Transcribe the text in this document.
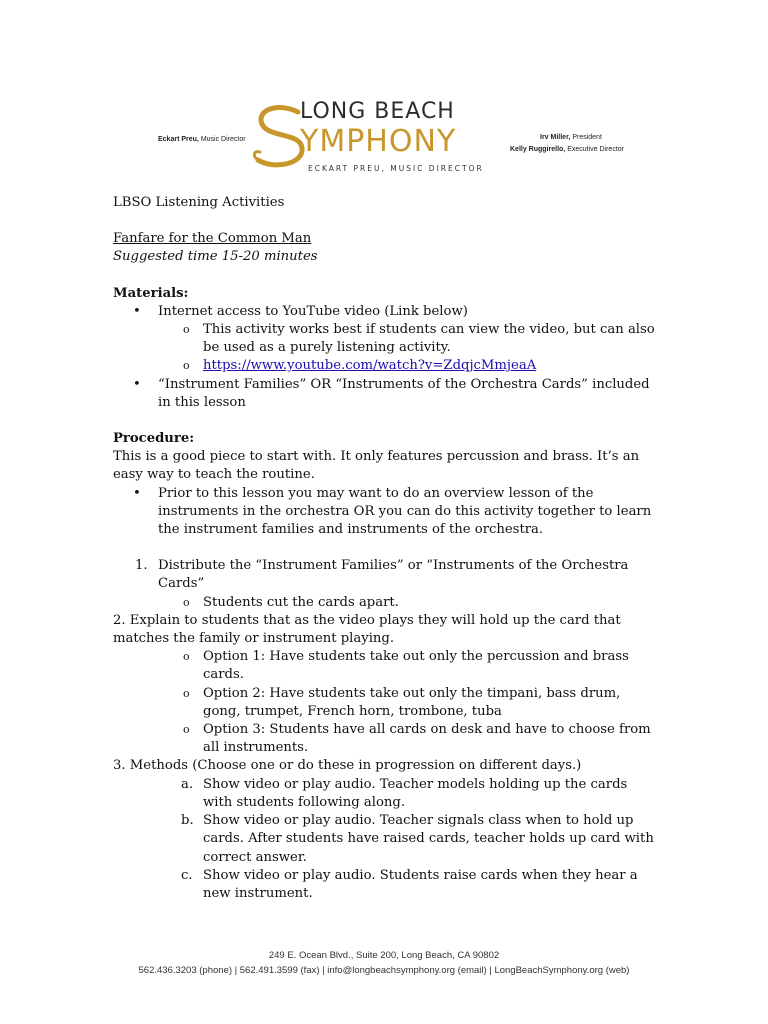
Eckart Preu, Music Director
LONG BEACH
YMPHONY
ECKART PREU, MUSIC DIRECTOR
Irv Miller, President
Kelly Ruggirello, Executive Director

LBSO Listening Activities

Fanfare for the Common Man

Suggested time 15-20 minutes

Materials:

• Internet access to YouTube video (Link below)
o This activity works best if students can view the video, but can also be used as a purely listening activity.
o https://www.youtube.com/watch?v=ZdqjcMmjeaA
• “Instrument Families” OR “Instruments of the Orchestra Cards” included in this lesson

Procedure:

This is a good piece to start with. It only features percussion and brass. It’s an easy way to teach the routine.

• Prior to this lesson you may want to do an overview lesson of the instruments in the orchestra OR you can do this activity together to learn the instrument families and instruments of the orchestra.
1. Distribute the “Instrument Families” or “Instruments of the Orchestra Cards”
o Students cut the cards apart.

2. Explain to students that as the video plays they will hold up the card that matches the family or instrument playing.

o Option 1: Have students take out only the percussion and brass cards.
o Option 2: Have students take out only the timpani, bass drum, gong, trumpet, French horn, trombone, tuba
o Option 3: Students have all cards on desk and have to choose from all instruments.

3. Methods (Choose one or do these in progression on different days.)

a. Show video or play audio. Teacher models holding up the cards with students following along.
b. Show video or play audio. Teacher signals class when to hold up cards. After students have raised cards, teacher holds up card with correct answer.
c. Show video or play audio. Students raise cards when they hear a new instrument.
249 E. Ocean Blvd., Suite 200, Long Beach, CA 90802
562.436.3203 (phone) | 562.491.3599 (fax) | info@longbeachsymphony.org (email) | LongBeachSymphony.org (web)
